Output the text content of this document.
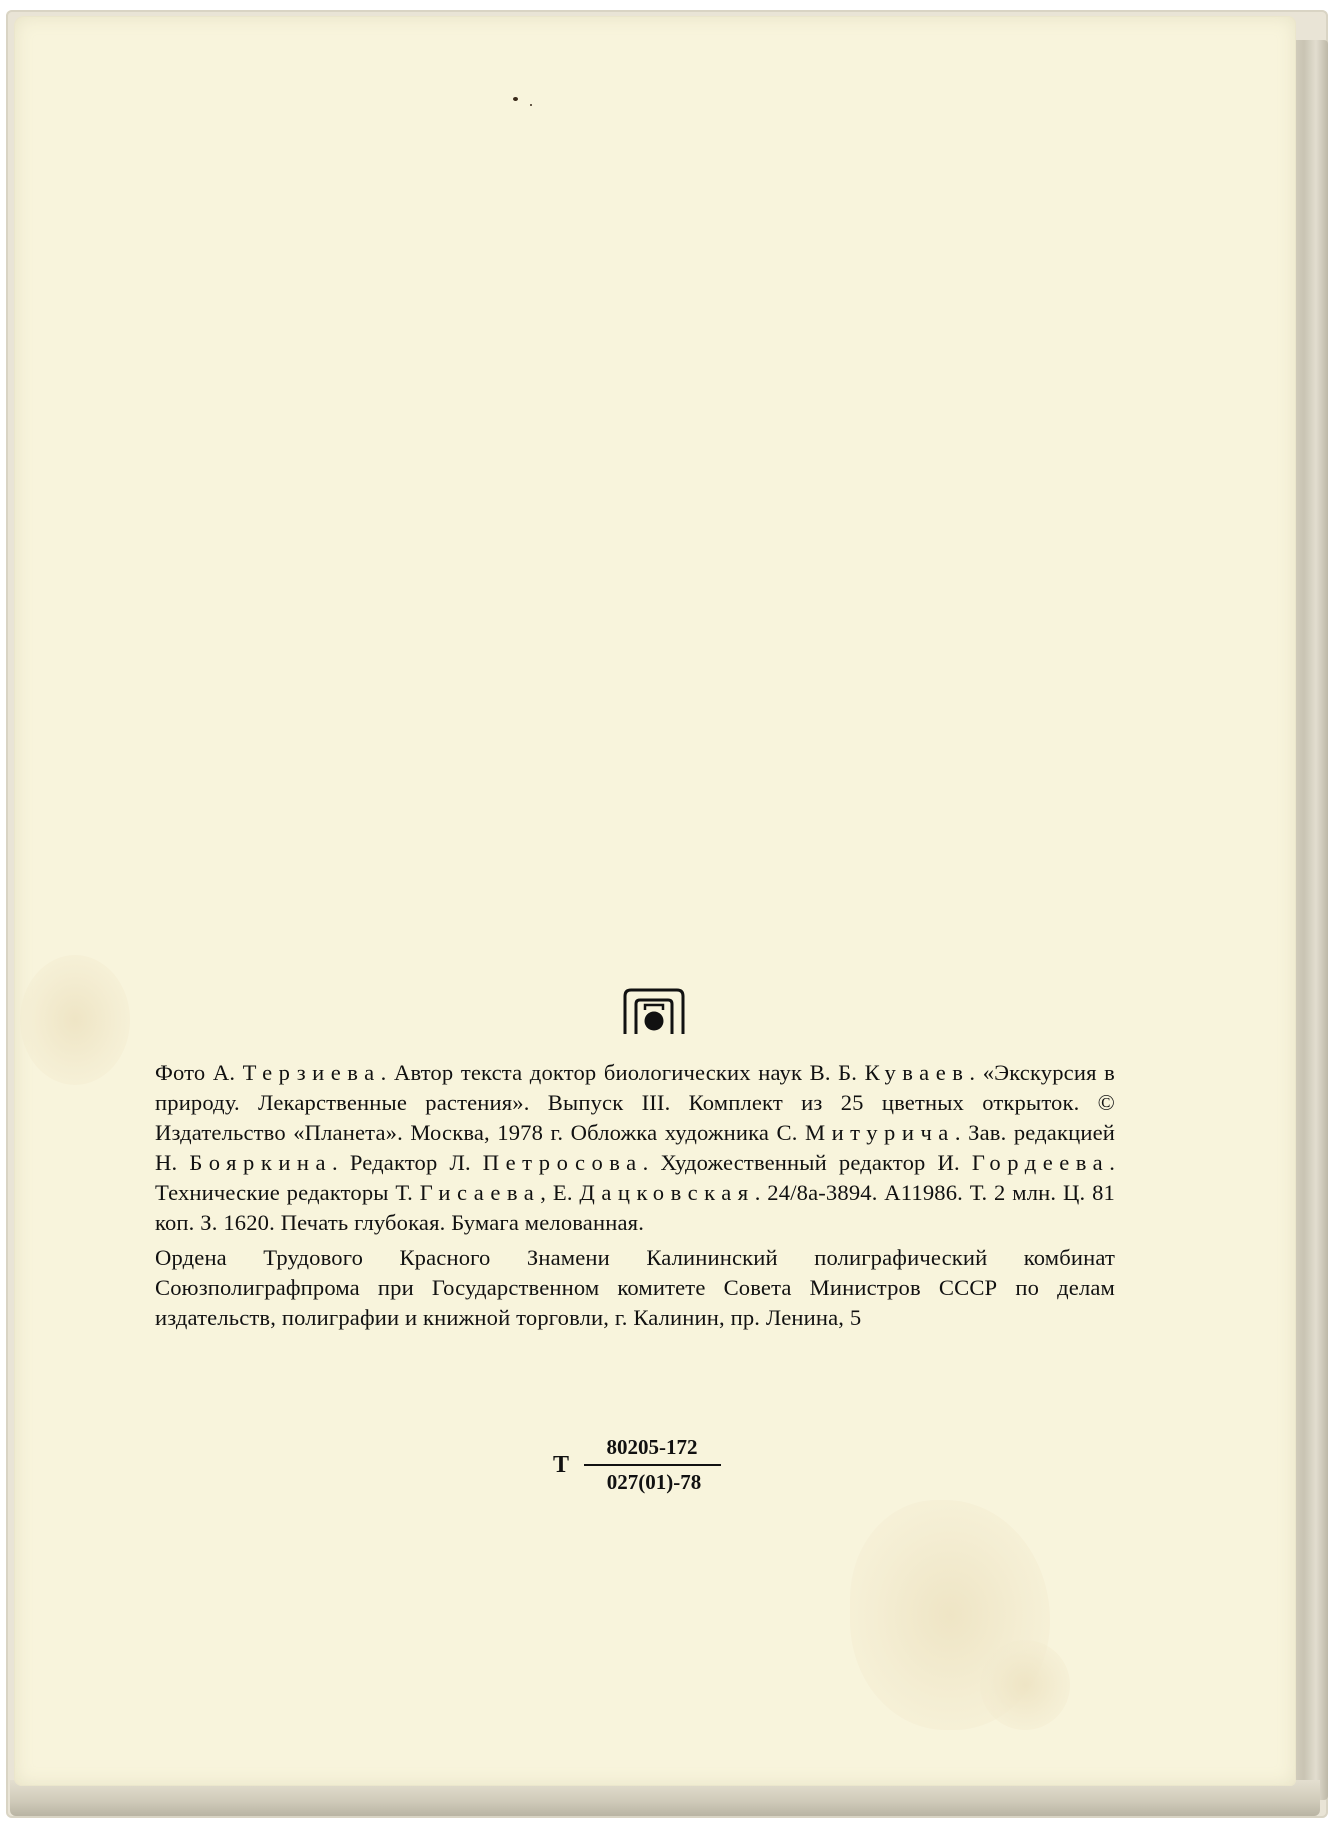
Фото А. Терзиева. Автор текста доктор биологических наук В. Б. Куваев. «Экскурсия в природу. Лекарственные растения». Выпуск III. Комплект из 25 цветных открыток. © Издательство «Планета». Москва, 1978 г. Обложка художника С. Митурича. Зав. редакцией Н. Бояркина. Редактор Л. Петросова. Художественный редактор И. Гордеева. Технические редакторы Т. Гисаева, Е. Дацковская. 24/8а-3894. А11986. Т. 2 млн. Ц. 81 коп. З. 1620. Печать глубокая. Бумага мелованная.

Ордена Трудового Красного Знамени Калининский полиграфический комбинат Союзполиграфпрома при Государственном комитете Совета Министров СССР по делам издательств, полиграфии и книжной торговли, г. Калинин, пр. Ленина, 5

Т
80205-172
027(01)-78
